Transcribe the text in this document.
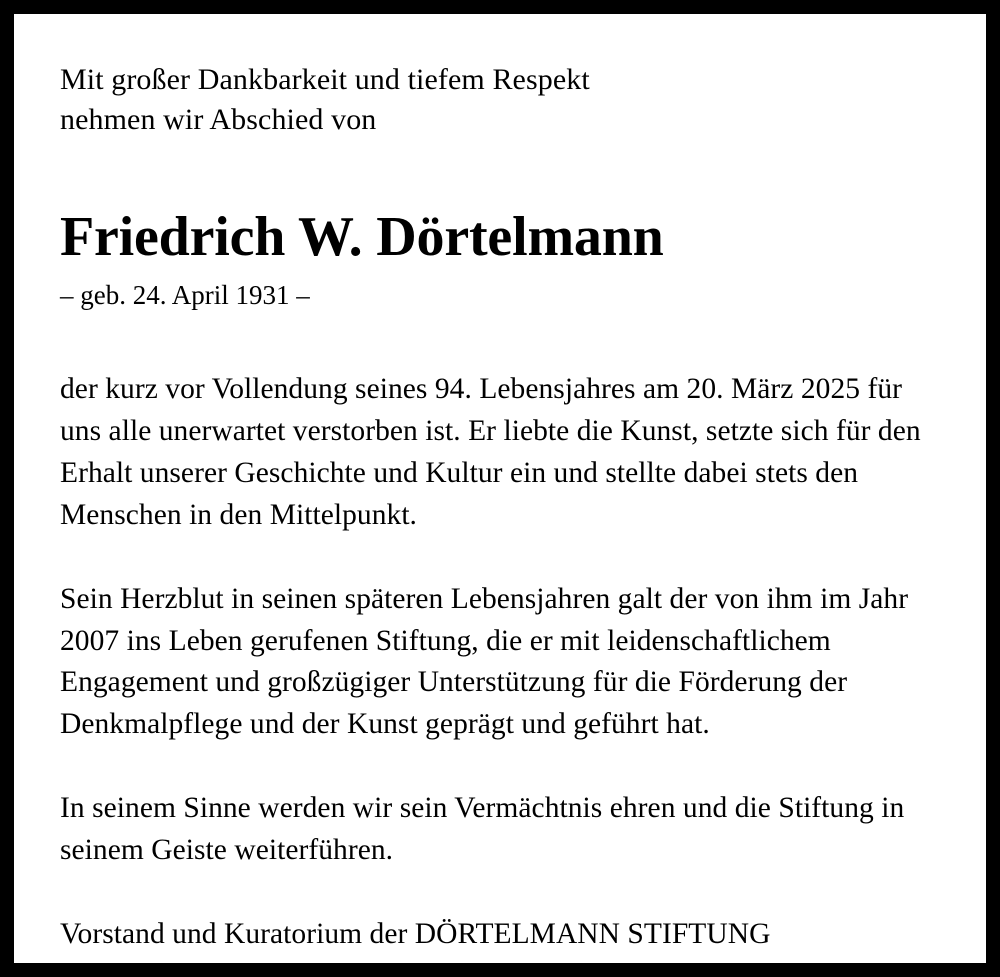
Mit großer Dankbarkeit und tiefem Respekt
nehmen wir Abschied von
Friedrich W. Dörtelmann
– geb. 24. April 1931 –

der kurz vor Vollendung seines 94. Lebensjahres am 20. März 2025 für uns alle unerwartet verstorben ist. Er liebte die Kunst, setzte sich für den Erhalt unserer Geschichte und Kultur ein und stellte dabei stets den Menschen in den Mittelpunkt.

Sein Herzblut in seinen späteren Lebensjahren galt der von ihm im Jahr 2007 ins Leben gerufenen Stiftung, die er mit leidenschaftlichem Engagement und großzügiger Unterstützung für die Förderung der Denkmalpflege und der Kunst geprägt und geführt hat.

In seinem Sinne werden wir sein Vermächtnis ehren und die Stiftung in seinem Geiste weiterführen.

Vorstand und Kuratorium der DÖRTELMANN STIFTUNG
